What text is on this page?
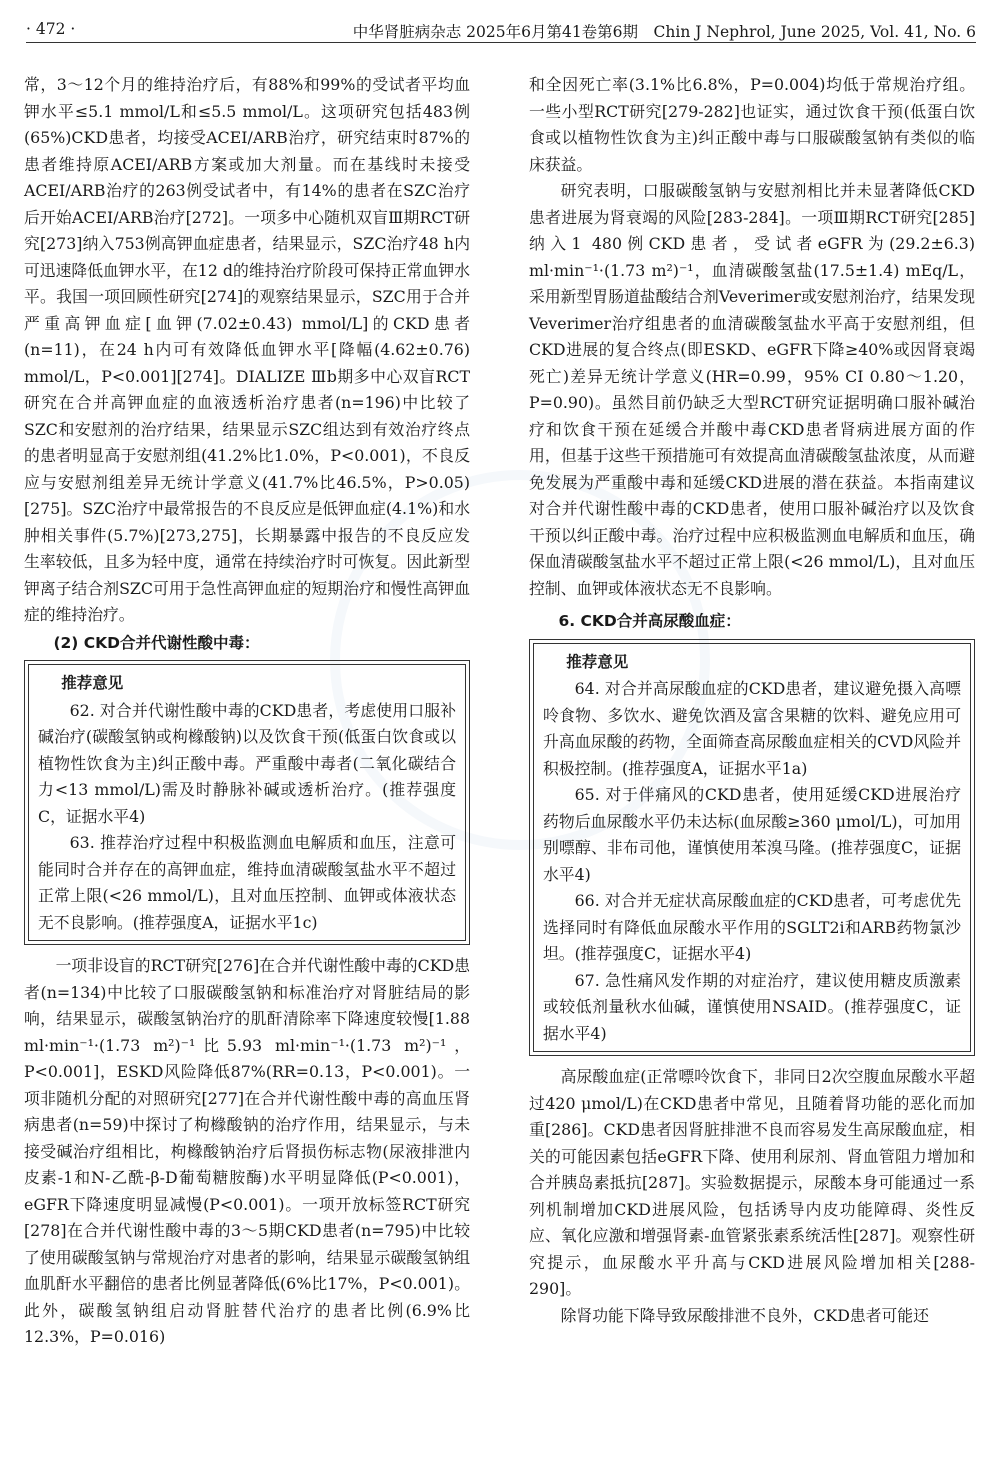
· 472 ·	中华肾脏病杂志 2025年6月第41卷第6期　Chin J Nephrol, June 2025, Vol. 41, No. 6

常，3～12个月的维持治疗后，有88%和99%的受试者平均血钾水平≤5.1 mmol/L和≤5.5 mmol/L。这项研究包括483例(65%)CKD患者，均接受ACEI/ARB治疗，研究结束时87%的患者维持原ACEI/ARB方案或加大剂量。而在基线时未接受ACEI/ARB治疗的263例受试者中，有14%的患者在SZC治疗后开始ACEI/ARB治疗[272]。一项多中心随机双盲Ⅲ期RCT研究[273]纳入753例高钾血症患者，结果显示，SZC治疗48 h内可迅速降低血钾水平，在12 d的维持治疗阶段可保持正常血钾水平。我国一项回顾性研究[274]的观察结果显示，SZC用于合并严重高钾血症[血钾(7.02±0.43) mmol/L]的CKD患者(n=11)，在24 h内可有效降低血钾水平[降幅(4.62±0.76) mmol/L，P<0.001][274]。DIALIZE Ⅲb期多中心双盲RCT研究在合并高钾血症的血液透析治疗患者(n=196)中比较了SZC和安慰剂的治疗结果，结果显示SZC组达到有效治疗终点的患者明显高于安慰剂组(41.2%比1.0%，P<0.001)，不良反应与安慰剂组差异无统计学意义(41.7%比46.5%，P>0.05)[275]。SZC治疗中最常报告的不良反应是低钾血症(4.1%)和水肿相关事件(5.7%)[273,275]，长期暴露中报告的不良反应发生率较低，且多为轻中度，通常在持续治疗时可恢复。因此新型钾离子结合剂SZC可用于急性高钾血症的短期治疗和慢性高钾血症的维持治疗。

(2) CKD合并代谢性酸中毒：
推荐意见

62. 对合并代谢性酸中毒的CKD患者，考虑使用口服补碱治疗(碳酸氢钠或枸橼酸钠)以及饮食干预(低蛋白饮食或以植物性饮食为主)纠正酸中毒。严重酸中毒者(二氧化碳结合力<13 mmol/L)需及时静脉补碱或透析治疗。(推荐强度C，证据水平4)

63. 推荐治疗过程中积极监测血电解质和血压，注意可能同时合并存在的高钾血症，维持血清碳酸氢盐水平不超过正常上限(<26 mmol/L)，且对血压控制、血钾或体液状态无不良影响。(推荐强度A，证据水平1c)

一项非设盲的RCT研究[276]在合并代谢性酸中毒的CKD患者(n=134)中比较了口服碳酸氢钠和标准治疗对肾脏结局的影响，结果显示，碳酸氢钠治疗的肌酐清除率下降速度较慢[1.88 ml·min⁻¹·(1.73 m²)⁻¹比5.93 ml·min⁻¹·(1.73 m²)⁻¹，P<0.001]，ESKD风险降低87%(RR=0.13，P<0.001)。一项非随机分配的对照研究[277]在合并代谢性酸中毒的高血压肾病患者(n=59)中探讨了枸橼酸钠的治疗作用，结果显示，与未接受碱治疗组相比，枸橼酸钠治疗后肾损伤标志物(尿液排泄内皮素-1和N-乙酰-β-D葡萄糖胺酶)水平明显降低(P<0.001)，eGFR下降速度明显减慢(P<0.001)。一项开放标签RCT研究[278]在合并代谢性酸中毒的3～5期CKD患者(n=795)中比较了使用碳酸氢钠与常规治疗对患者的影响，结果显示碳酸氢钠组血肌酐水平翻倍的患者比例显著降低(6%比17%，P<0.001)。此外，碳酸氢钠组启动肾脏替代治疗的患者比例(6.9%比12.3%，P=0.016)

和全因死亡率(3.1%比6.8%，P=0.004)均低于常规治疗组。一些小型RCT研究[279-282]也证实，通过饮食干预(低蛋白饮食或以植物性饮食为主)纠正酸中毒与口服碳酸氢钠有类似的临床获益。

研究表明，口服碳酸氢钠与安慰剂相比并未显著降低CKD患者进展为肾衰竭的风险[283-284]。一项Ⅲ期RCT研究[285]纳入1 480例CKD患者，受试者eGFR为(29.2±6.3) ml·min⁻¹·(1.73 m²)⁻¹，血清碳酸氢盐(17.5±1.4) mEq/L，采用新型胃肠道盐酸结合剂Veverimer或安慰剂治疗，结果发现Veverimer治疗组患者的血清碳酸氢盐水平高于安慰剂组，但CKD进展的复合终点(即ESKD、eGFR下降≥40%或因肾衰竭死亡)差异无统计学意义(HR=0.99，95% CI 0.80～1.20，P=0.90)。虽然目前仍缺乏大型RCT研究证据明确口服补碱治疗和饮食干预在延缓合并酸中毒CKD患者肾病进展方面的作用，但基于这些干预措施可有效提高血清碳酸氢盐浓度，从而避免发展为严重酸中毒和延缓CKD进展的潜在获益。本指南建议对合并代谢性酸中毒的CKD患者，使用口服补碱治疗以及饮食干预以纠正酸中毒。治疗过程中应积极监测血电解质和血压，确保血清碳酸氢盐水平不超过正常上限(<26 mmol/L)，且对血压控制、血钾或体液状态无不良影响。

6. CKD合并高尿酸血症：
推荐意见

64. 对合并高尿酸血症的CKD患者，建议避免摄入高嘌呤食物、多饮水、避免饮酒及富含果糖的饮料、避免应用可升高血尿酸的药物，全面筛查高尿酸血症相关的CVD风险并积极控制。(推荐强度A，证据水平1a)

65. 对于伴痛风的CKD患者，使用延缓CKD进展治疗药物后血尿酸水平仍未达标(血尿酸≥360 μmol/L)，可加用别嘌醇、非布司他，谨慎使用苯溴马隆。(推荐强度C，证据水平4)

66. 对合并无症状高尿酸血症的CKD患者，可考虑优先选择同时有降低血尿酸水平作用的SGLT2i和ARB药物氯沙坦。(推荐强度C，证据水平4)

67. 急性痛风发作期的对症治疗，建议使用糖皮质激素或较低剂量秋水仙碱，谨慎使用NSAID。(推荐强度C，证据水平4)

高尿酸血症(正常嘌呤饮食下，非同日2次空腹血尿酸水平超过420 μmol/L)在CKD患者中常见，且随着肾功能的恶化而加重[286]。CKD患者因肾脏排泄不良而容易发生高尿酸血症，相关的可能因素包括eGFR下降、使用利尿剂、肾血管阻力增加和合并胰岛素抵抗[287]。实验数据提示，尿酸本身可能通过一系列机制增加CKD进展风险，包括诱导内皮功能障碍、炎性反应、氧化应激和增强肾素-血管紧张素系统活性[287]。观察性研究提示，血尿酸水平升高与CKD进展风险增加相关[288-290]。

除肾功能下降导致尿酸排泄不良外，CKD患者可能还
